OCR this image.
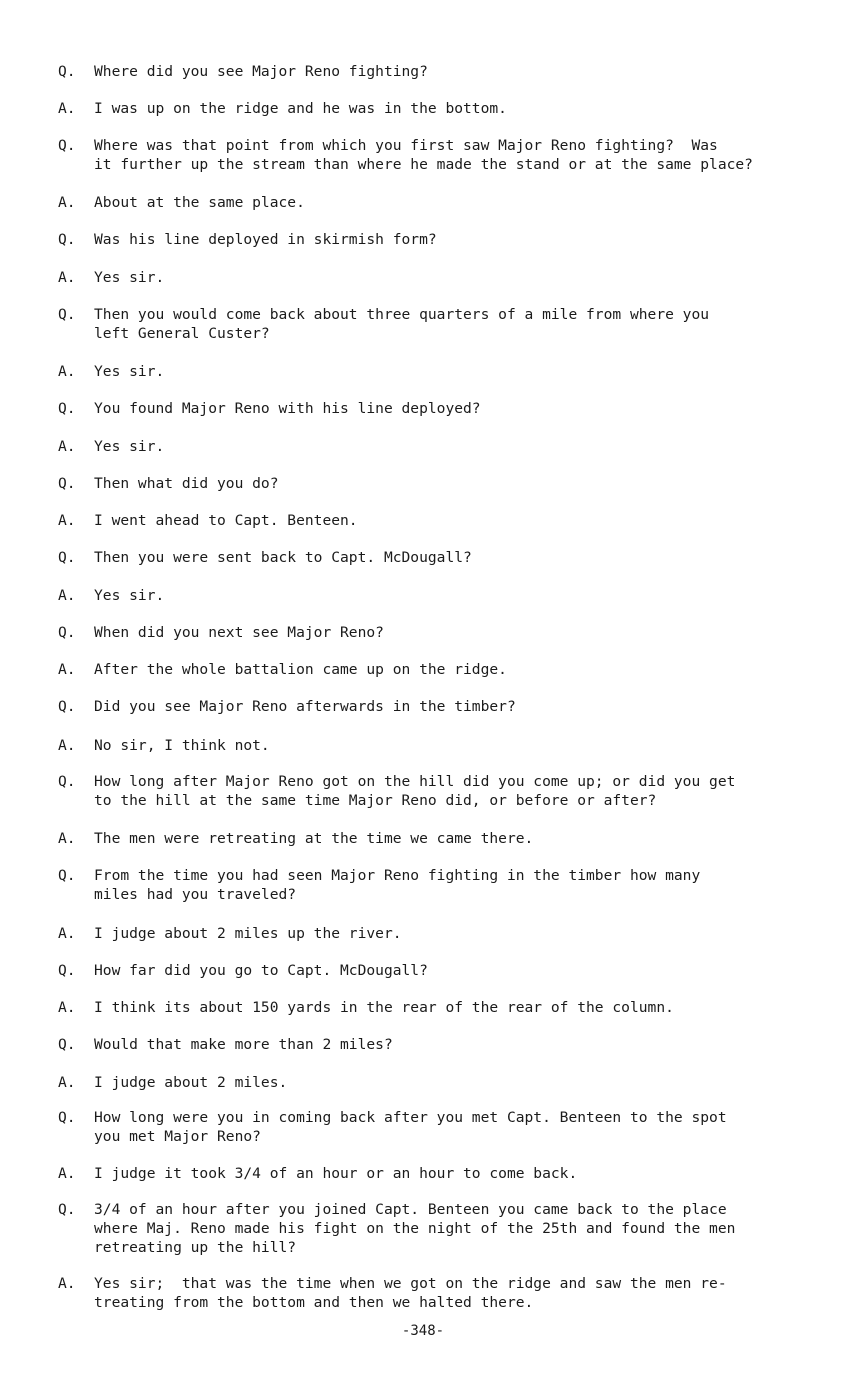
Q.	Where did you see Major Reno fighting?
A.	I was up on the ridge and he was in the bottom.
Q.	Where was that point from which you first saw Major Reno fighting?  Was
it further up the stream than where he made the stand or at the same place?
A.	About at the same place.
Q.	Was his line deployed in skirmish form?
A.	Yes sir.
Q.	Then you would come back about three quarters of a mile from where you
left General Custer?
A.	Yes sir.
Q.	You found Major Reno with his line deployed?
A.	Yes sir.
Q.	Then what did you do?
A.	I went ahead to Capt. Benteen.
Q.	Then you were sent back to Capt. McDougall?
A.	Yes sir.
Q.	When did you next see Major Reno?
A.	After the whole battalion came up on the ridge.
Q.	Did you see Major Reno afterwards in the timber?
A.	No sir, I think not.
Q.	How long after Major Reno got on the hill did you come up; or did you get
to the hill at the same time Major Reno did, or before or after?
A.	The men were retreating at the time we came there.
Q.	From the time you had seen Major Reno fighting in the timber how many
miles had you traveled?
A.	I judge about 2 miles up the river.
Q.	How far did you go to Capt. McDougall?
A.	I think its about 150 yards in the rear of the rear of the column.
Q.	Would that make more than 2 miles?
A.	I judge about 2 miles.
Q.	How long were you in coming back after you met Capt. Benteen to the spot
you met Major Reno?
A.	I judge it took 3/4 of an hour or an hour to come back.
Q.	3/4 of an hour after you joined Capt. Benteen you came back to the place
where Maj. Reno made his fight on the night of the 25th and found the men
retreating up the hill?
A.	Yes sir;  that was the time when we got on the ridge and saw the men re-
treating from the bottom and then we halted there.
-348-
